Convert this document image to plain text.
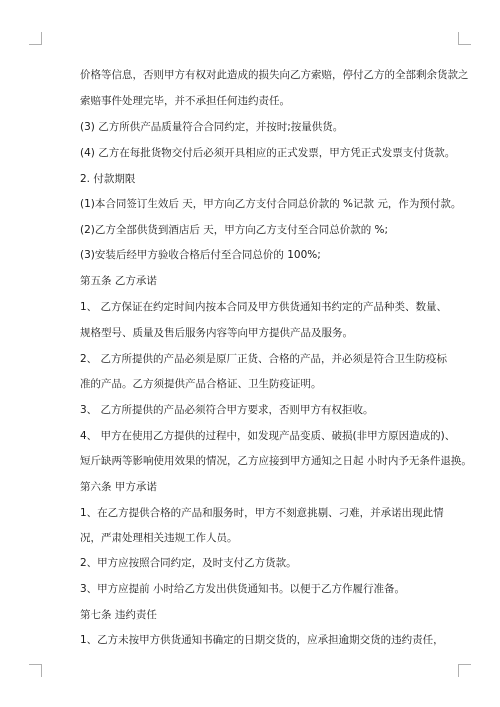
价格等信息，否则甲方有权对此造成的损失向乙方索赔，停付乙方的全部剩余货款之
索赔事件处理完毕，并不承担任何违约责任。
(3) 乙方所供产品质量符合合同约定，并按时;按量供货。
(4) 乙方在每批货物交付后必须开具相应的正式发票，甲方凭正式发票支付货款。
2. 付款期限
(1)本合同签订生效后 天，甲方向乙方支付合同总价款的 %记款 元，作为预付款。
(2)乙方全部供货到酒店后 天，甲方向乙方支付至合同总价款的 %;
(3)安装后经甲方验收合格后付至合同总价的 100%;
第五条 乙方承诺
1、 乙方保证在约定时间内按本合同及甲方供货通知书约定的产品种类、数量、
规格型号、质量及售后服务内容等向甲方提供产品及服务。
2、 乙方所提供的产品必须是原厂正货、合格的产品，并必须是符合卫生防疫标
准的产品。乙方须提供产品合格证、卫生防疫证明。
3、 乙方所提供的产品必须符合甲方要求，否则甲方有权拒收。
4、 甲方在使用乙方提供的过程中，如发现产品变质、破损(非甲方原因造成的)、
短斤缺两等影响使用效果的情况，乙方应接到甲方通知之日起 小时内予无条件退换。
第六条 甲方承诺
1、在乙方提供合格的产品和服务时，甲方不刻意挑剔、刁难，并承诺出现此情
况，严肃处理相关违规工作人员。
2、甲方应按照合同约定，及时支付乙方货款。
3、甲方应提前 小时给乙方发出供货通知书。以便于乙方作履行准备。
第七条 违约责任
1、乙方未按甲方供货通知书确定的日期交货的，应承担逾期交货的违约责任，
